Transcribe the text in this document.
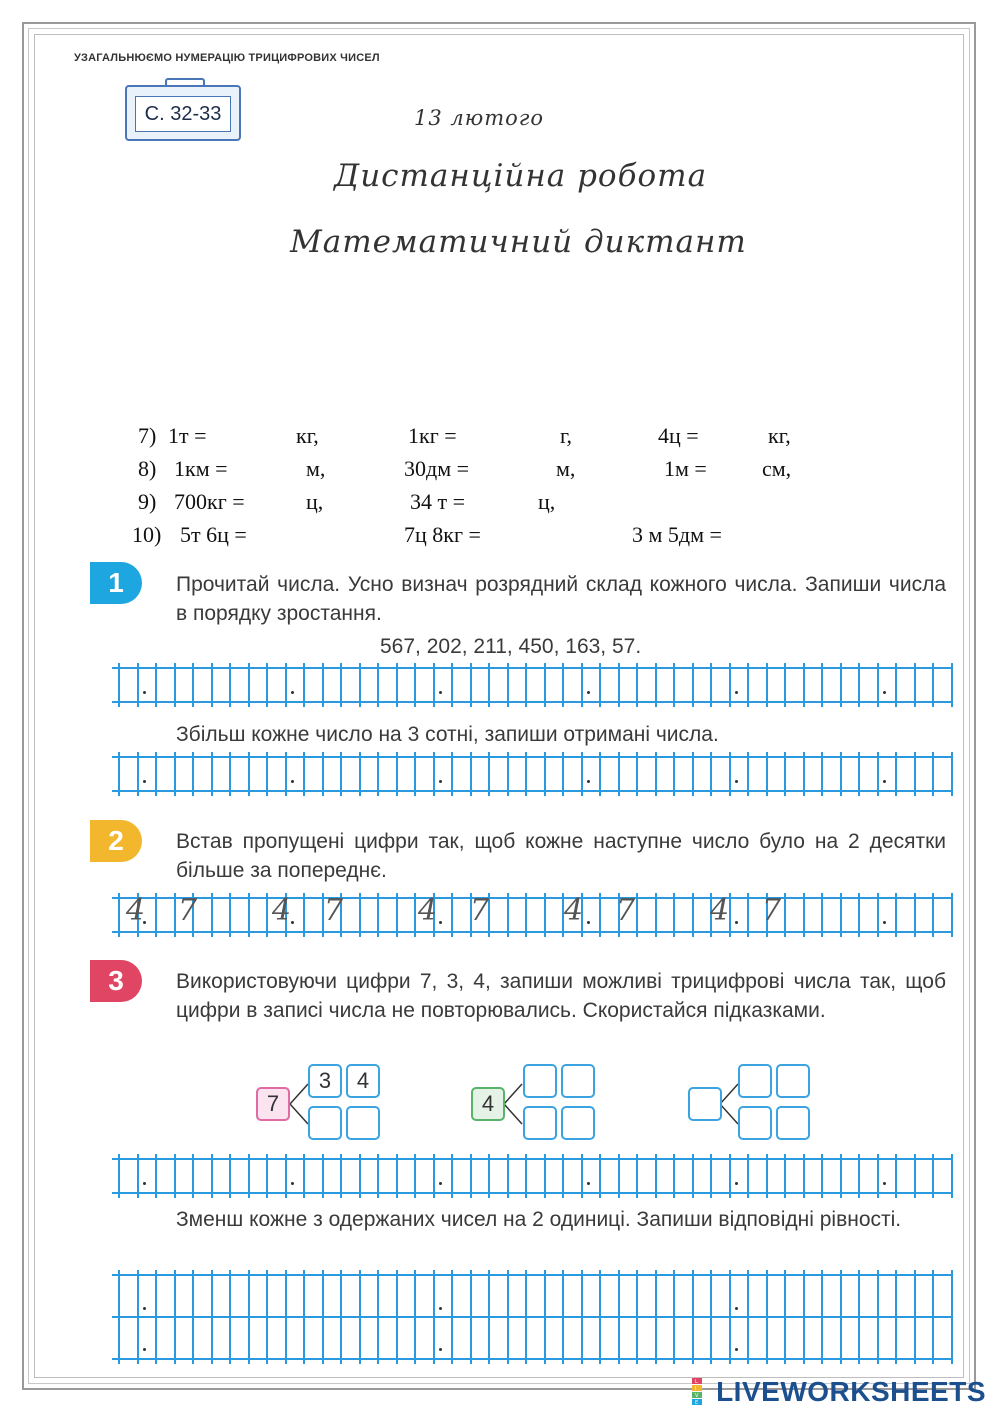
УЗАГАЛЬНЮЄМО НУМЕРАЦІЮ ТРИЦИФРОВИХ ЧИСЕЛ
С. 32-33	13 лютого
Дистанційна робота
Математичний диктант
7) 1т =	кг,	1кг =	г,	4ц =	кг,
8) 1км =	м,	30дм =	м,	1м =	см,
9) 700кг =	ц,	34 т =	ц,
10) 5т 6ц =	7ц 8кг =	3 м 5дм =
1	Прочитай числа. Усно визнач розрядний склад кожного числа. Запиши числа в порядку зростання.
567, 202, 211, 450, 163, 57.
Збільш кожне число на 3 сотні, запиши отримані числа.
2	Встав пропущені цифри так, щоб кожне наступне число було на 2 десятки більше за попереднє.
4 7 4 7 4 7 4 7 4 7
3	Використовуючи цифри 7, 3, 4, запиши можливі трицифрові числа так, щоб цифри в записі числа не повторювались. Скористайся підказками.
7
3	4
4
Зменш кожне з одержаних чисел на 2 одиниці. Запиши відповідні рівності.
L
I
V
E LIVEWORKSHEETS
